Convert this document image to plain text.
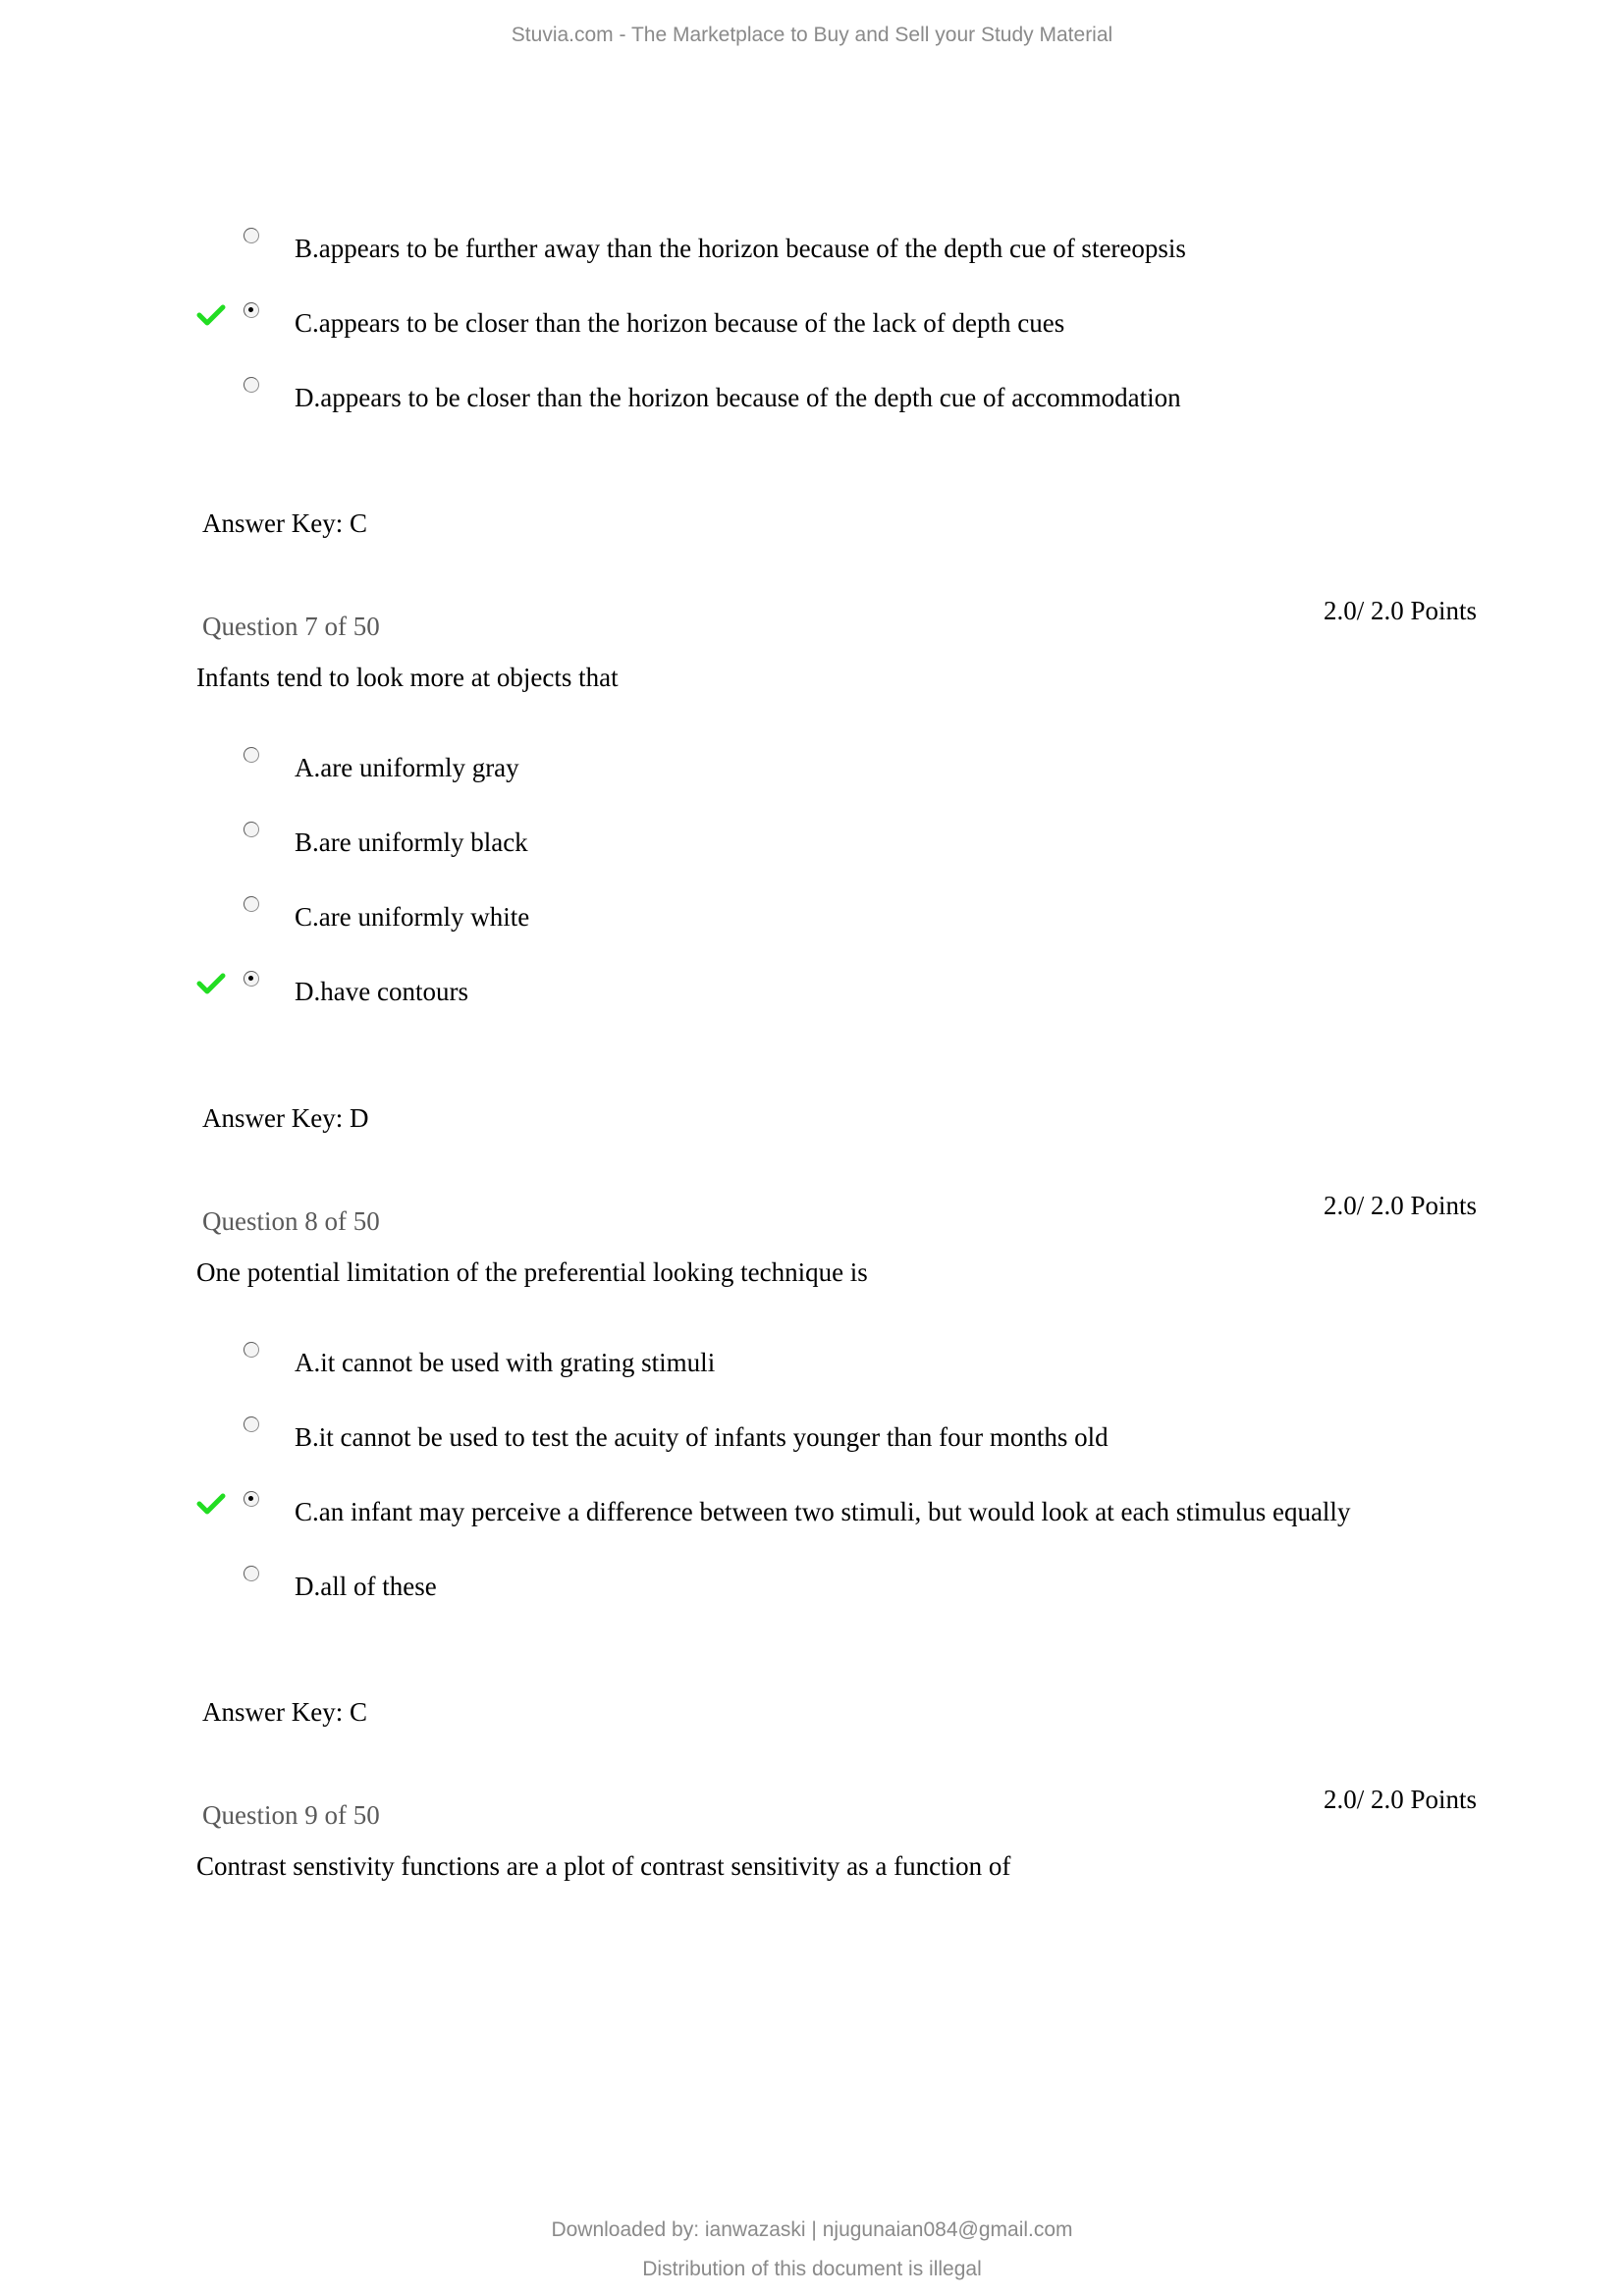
Stuvia.com - The Marketplace to Buy and Sell your Study Material
B.appears to be further away than the horizon because of the depth cue of stereopsis
C.appears to be closer than the horizon because of the lack of depth cues
D.appears to be closer than the horizon because of the depth cue of accommodation
Answer Key: C
2.0/ 2.0 Points
Question 7 of 50
Infants tend to look more at objects that
A.are uniformly gray
B.are uniformly black
C.are uniformly white
D.have contours
Answer Key: D
2.0/ 2.0 Points
Question 8 of 50
One potential limitation of the preferential looking technique is
A.it cannot be used with grating stimuli
B.it cannot be used to test the acuity of infants younger than four months old
C.an infant may perceive a difference between two stimuli, but would look at each stimulus equally
D.all of these
Answer Key: C
2.0/ 2.0 Points
Question 9 of 50
Contrast senstivity functions are a plot of contrast sensitivity as a function of
Downloaded by: ianwazaski | njugunaian084@gmail.com
Distribution of this document is illegal
